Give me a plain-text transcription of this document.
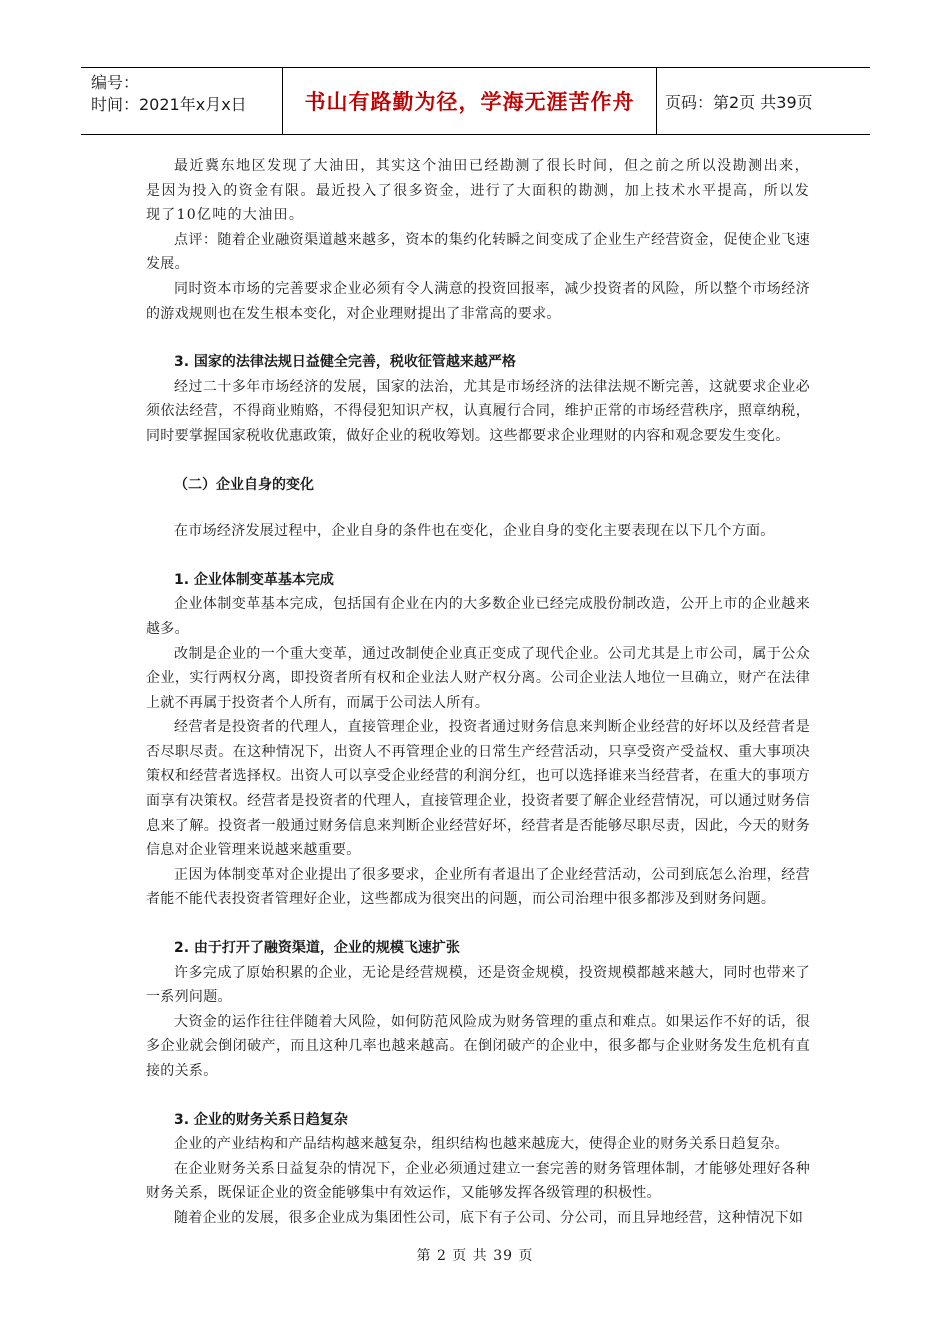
编号：
时间：2021年x月x日	书山有路勤为径，学海无涯苦作舟	页码：第2页 共39页

最近冀东地区发现了大油田，其实这个油田已经勘测了很长时间，但之前之所以没勘测出来，是因为投入的资金有限。最近投入了很多资金，进行了大面积的勘测，加上技术水平提高，所以发现了10亿吨的大油田。

点评：随着企业融资渠道越来越多，资本的集约化转瞬之间变成了企业生产经营资金，促使企业飞速发展。

同时资本市场的完善要求企业必须有令人满意的投资回报率，减少投资者的风险，所以整个市场经济的游戏规则也在发生根本变化，对企业理财提出了非常高的要求。

3. 国家的法律法规日益健全完善，税收征管越来越严格

经过二十多年市场经济的发展，国家的法治，尤其是市场经济的法律法规不断完善，这就要求企业必须依法经营，不得商业贿赂，不得侵犯知识产权，认真履行合同，维护正常的市场经营秩序，照章纳税，同时要掌握国家税收优惠政策，做好企业的税收筹划。这些都要求企业理财的内容和观念要发生变化。

（二）企业自身的变化

在市场经济发展过程中，企业自身的条件也在变化，企业自身的变化主要表现在以下几个方面。

1. 企业体制变革基本完成

企业体制变革基本完成，包括国有企业在内的大多数企业已经完成股份制改造，公开上市的企业越来越多。

改制是企业的一个重大变革，通过改制使企业真正变成了现代企业。公司尤其是上市公司，属于公众企业，实行两权分离，即投资者所有权和企业法人财产权分离。公司企业法人地位一旦确立，财产在法律上就不再属于投资者个人所有，而属于公司法人所有。

经营者是投资者的代理人，直接管理企业，投资者通过财务信息来判断企业经营的好坏以及经营者是否尽职尽责。在这种情况下，出资人不再管理企业的日常生产经营活动，只享受资产受益权、重大事项决策权和经营者选择权。出资人可以享受企业经营的利润分红，也可以选择谁来当经营者，在重大的事项方面享有决策权。经营者是投资者的代理人，直接管理企业，投资者要了解企业经营情况，可以通过财务信息来了解。投资者一般通过财务信息来判断企业经营好坏，经营者是否能够尽职尽责，因此，今天的财务信息对企业管理来说越来越重要。

正因为体制变革对企业提出了很多要求，企业所有者退出了企业经营活动，公司到底怎么治理，经营者能不能代表投资者管理好企业，这些都成为很突出的问题，而公司治理中很多都涉及到财务问题。

2. 由于打开了融资渠道，企业的规模飞速扩张

许多完成了原始积累的企业，无论是经营规模，还是资金规模，投资规模都越来越大，同时也带来了一系列问题。

大资金的运作往往伴随着大风险，如何防范风险成为财务管理的重点和难点。如果运作不好的话，很多企业就会倒闭破产，而且这种几率也越来越高。在倒闭破产的企业中，很多都与企业财务发生危机有直接的关系。

3. 企业的财务关系日趋复杂

企业的产业结构和产品结构越来越复杂，组织结构也越来越庞大，使得企业的财务关系日趋复杂。

在企业财务关系日益复杂的情况下，企业必须通过建立一套完善的财务管理体制，才能够处理好各种财务关系，既保证企业的资金能够集中有效运作，又能够发挥各级管理的积极性。

随着企业的发展，很多企业成为集团性公司，底下有子公司、分公司，而且异地经营，这种情况下如

第 2 页 共 39 页
